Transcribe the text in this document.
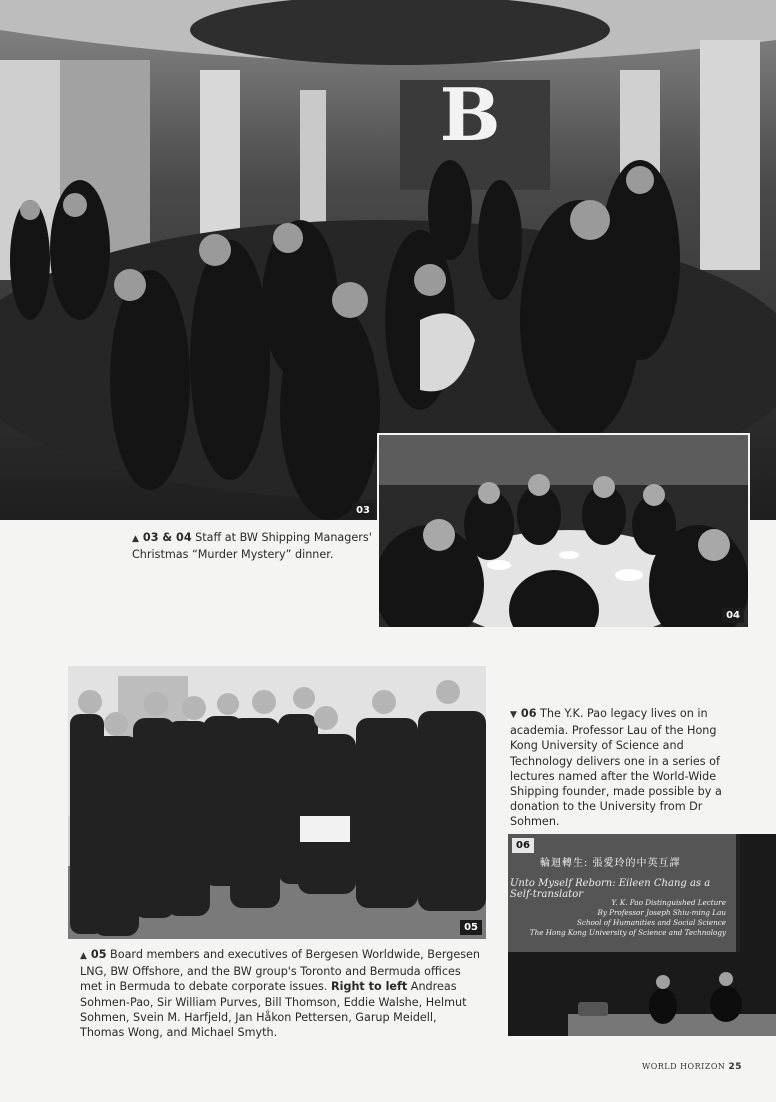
B
03
04
▲ 03 & 04 Staff at BW Shipping Managers' Christmas “Murder Mystery” dinner.
05
▲ 05 Board members and executives of Bergesen Worldwide, Bergesen LNG, BW Offshore, and the BW group's Toronto and Bermuda offices met in Bermuda to debate corporate issues. Right to left Andreas Sohmen-Pao, Sir William Purves, Bill Thomson, Eddie Walshe, Helmut Sohmen, Svein M. Harfjeld, Jan Håkon Pettersen, Garup Meidell, Thomas Wong, and Michael Smyth.
▼ 06 The Y.K. Pao legacy lives on in academia. Professor Lau of the Hong Kong University of Science and Technology delivers one in a series of lectures named after the World-Wide Shipping founder, made possible by a donation to the University from Dr Sohmen.
輪迴轉生: 張愛玲的中英互譯
Unto Myself Reborn: Eileen Chang as a Self-translator
Y. K. Pao Distinguished Lecture
By Professor Joseph Shiu-ming Lau
School of Humanities and Social Science
The Hong Kong University of Science and Technology
06
WORLD HORIZON 25
